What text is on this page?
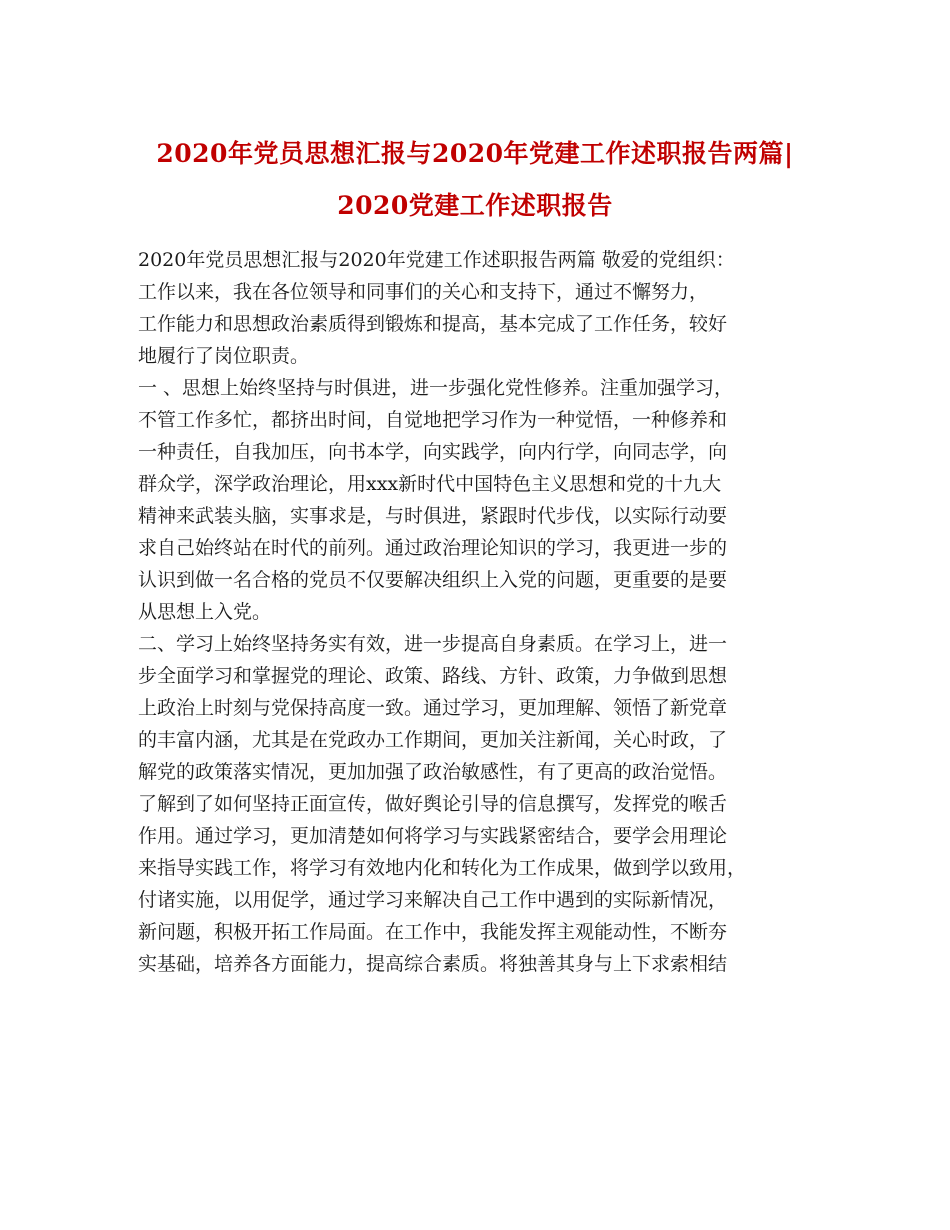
2020年党员思想汇报与2020年党建工作述职报告两篇|
2020党建工作述职报告
2020年党员思想汇报与2020年党建工作述职报告两篇 敬爱的党组织：
工作以来，我在各位领导和同事们的关心和支持下，通过不懈努力，
工作能力和思想政治素质得到锻炼和提高，基本完成了工作任务，较好
地履行了岗位职责。
一 、思想上始终坚持与时俱进，进一步强化党性修养。注重加强学习，
不管工作多忙，都挤出时间，自觉地把学习作为一种觉悟，一种修养和
一种责任，自我加压，向书本学，向实践学，向内行学，向同志学，向
群众学，深学政治理论，用xxx新时代中国特色主义思想和党的十九大
精神来武装头脑，实事求是，与时俱进，紧跟时代步伐，以实际行动要
求自己始终站在时代的前列。通过政治理论知识的学习，我更进一步的
认识到做一名合格的党员不仅要解决组织上入党的问题，更重要的是要
从思想上入党。
二、学习上始终坚持务实有效，进一步提高自身素质。在学习上，进一
步全面学习和掌握党的理论、政策、路线、方针、政策，力争做到思想
上政治上时刻与党保持高度一致。通过学习，更加理解、领悟了新党章
的丰富内涵，尤其是在党政办工作期间，更加关注新闻，关心时政，了
解党的政策落实情况，更加加强了政治敏感性，有了更高的政治觉悟。
了解到了如何坚持正面宣传，做好舆论引导的信息撰写，发挥党的喉舌
作用。通过学习，更加清楚如何将学习与实践紧密结合，要学会用理论
来指导实践工作，将学习有效地内化和转化为工作成果，做到学以致用，
付诸实施，以用促学，通过学习来解决自己工作中遇到的实际新情况，
新问题，积极开拓工作局面。在工作中，我能发挥主观能动性，不断夯
实基础，培养各方面能力，提高综合素质。将独善其身与上下求索相结
